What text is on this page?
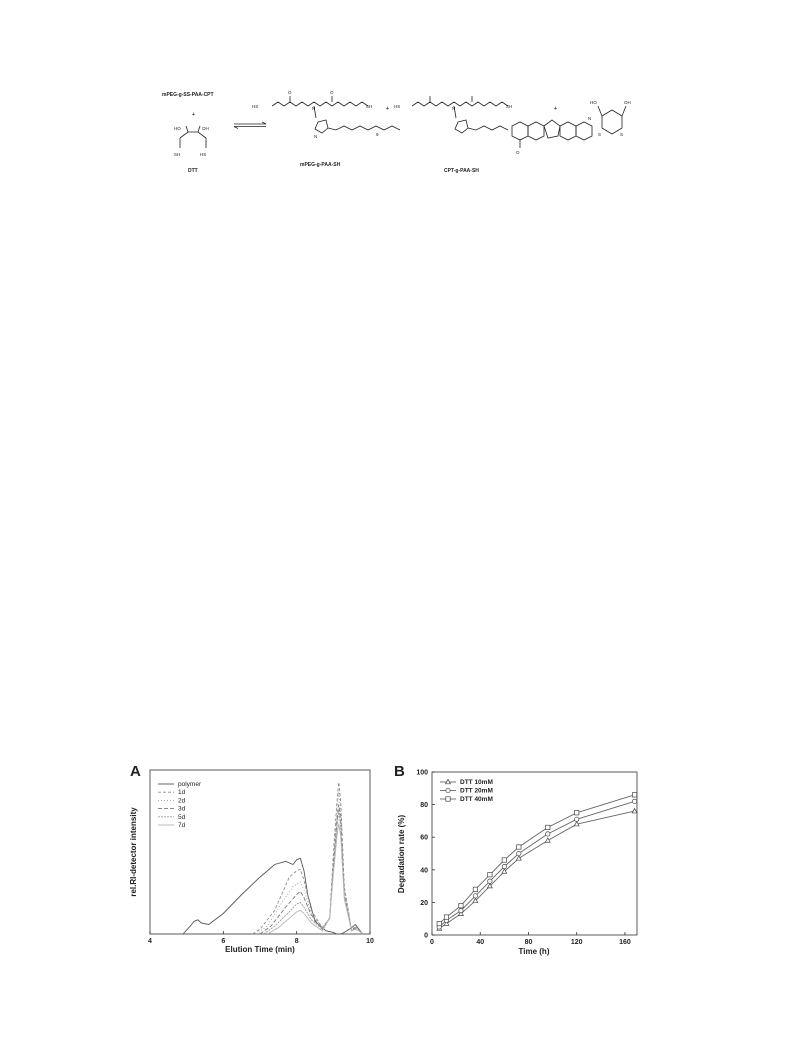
mPEG-g-SS-PAA-CPT
+
DTT
mPEG-g-PAA-SH
+
CPT-g-PAA-SH
+
HS	SH
HO	OH
SH	HS
N
O	O
N	9
HS	SH
N
O
N
HO	OH
S	S
A
4	6	8	10
polymer
1d
2d
3d
5d
7d
Elution Time (min)
rel.RI-detector intensity
B
0	40	80	120	160
0
20
40
60
80
100
DTT 10mM
DTT 20mM
DTT 40mM
Time (h)
Degradation rate (%)
